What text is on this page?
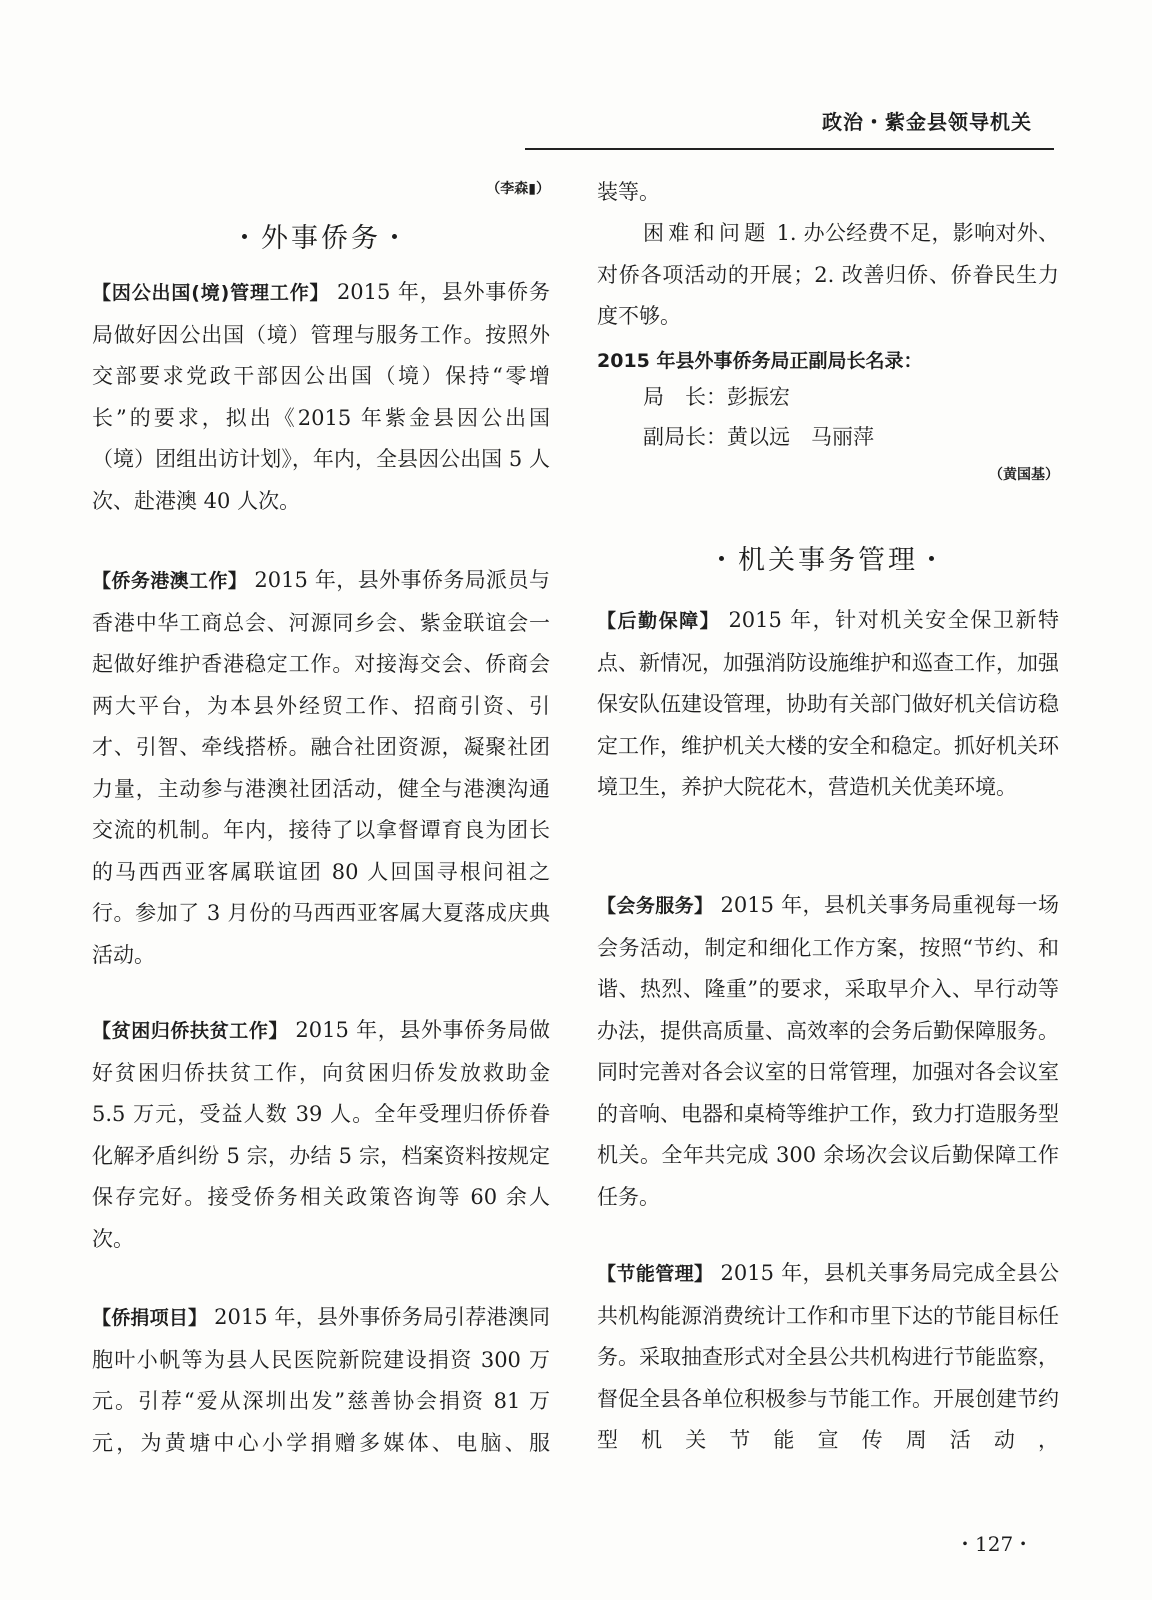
政治・紫金县领导机关
（李森▮）
・外事侨务・

【因公出国(境)管理工作】 2015 年，县外事侨务局做好因公出国（境）管理与服务工作。按照外交部要求党政干部因公出国（境）保持“零增长”的要求，拟出《2015 年紫金县因公出国（境）团组出访计划》，年内，全县因公出国 5 人次、赴港澳 40 人次。

【侨务港澳工作】 2015 年，县外事侨务局派员与香港中华工商总会、河源同乡会、紫金联谊会一起做好维护香港稳定工作。对接海交会、侨商会两大平台，为本县外经贸工作、招商引资、引才、引智、牵线搭桥。融合社团资源，凝聚社团力量，主动参与港澳社团活动，健全与港澳沟通交流的机制。年内，接待了以拿督谭育良为团长的马西西亚客属联谊团 80 人回国寻根问祖之行。参加了 3 月份的马西西亚客属大夏落成庆典活动。

【贫困归侨扶贫工作】 2015 年，县外事侨务局做好贫困归侨扶贫工作，向贫困归侨发放救助金 5.5 万元，受益人数 39 人。全年受理归侨侨眷化解矛盾纠纷 5 宗，办结 5 宗，档案资料按规定保存完好。接受侨务相关政策咨询等 60 余人次。

【侨捐项目】 2015 年，县外事侨务局引荐港澳同胞叶小帆等为县人民医院新院建设捐资 300 万元。引荐“爱从深圳出发”慈善协会捐资 81 万元，为黄塘中心小学捐赠多媒体、电脑、服

装等。

困难和问题 1. 办公经费不足，影响对外、对侨各项活动的开展；2. 改善归侨、侨眷民生力度不够。

2015 年县外事侨务局正副局长名录：
局　长：彭振宏
副局长：黄以远　马丽萍
（黄国基）
・机关事务管理・

【后勤保障】 2015 年，针对机关安全保卫新特点、新情况，加强消防设施维护和巡查工作，加强保安队伍建设管理，协助有关部门做好机关信访稳定工作，维护机关大楼的安全和稳定。抓好机关环境卫生，养护大院花木，营造机关优美环境。

【会务服务】 2015 年，县机关事务局重视每一场会务活动，制定和细化工作方案，按照“节约、和谐、热烈、隆重”的要求，采取早介入、早行动等办法，提供高质量、高效率的会务后勤保障服务。同时完善对各会议室的日常管理，加强对各会议室的音响、电器和桌椅等维护工作，致力打造服务型机关。全年共完成 300 余场次会议后勤保障工作任务。

【节能管理】 2015 年，县机关事务局完成全县公共机构能源消费统计工作和市里下达的节能目标任务。采取抽查形式对全县公共机构进行节能监察，督促全县各单位积极参与节能工作。开展创建节约型机关节能宣传周活动，

・127・
